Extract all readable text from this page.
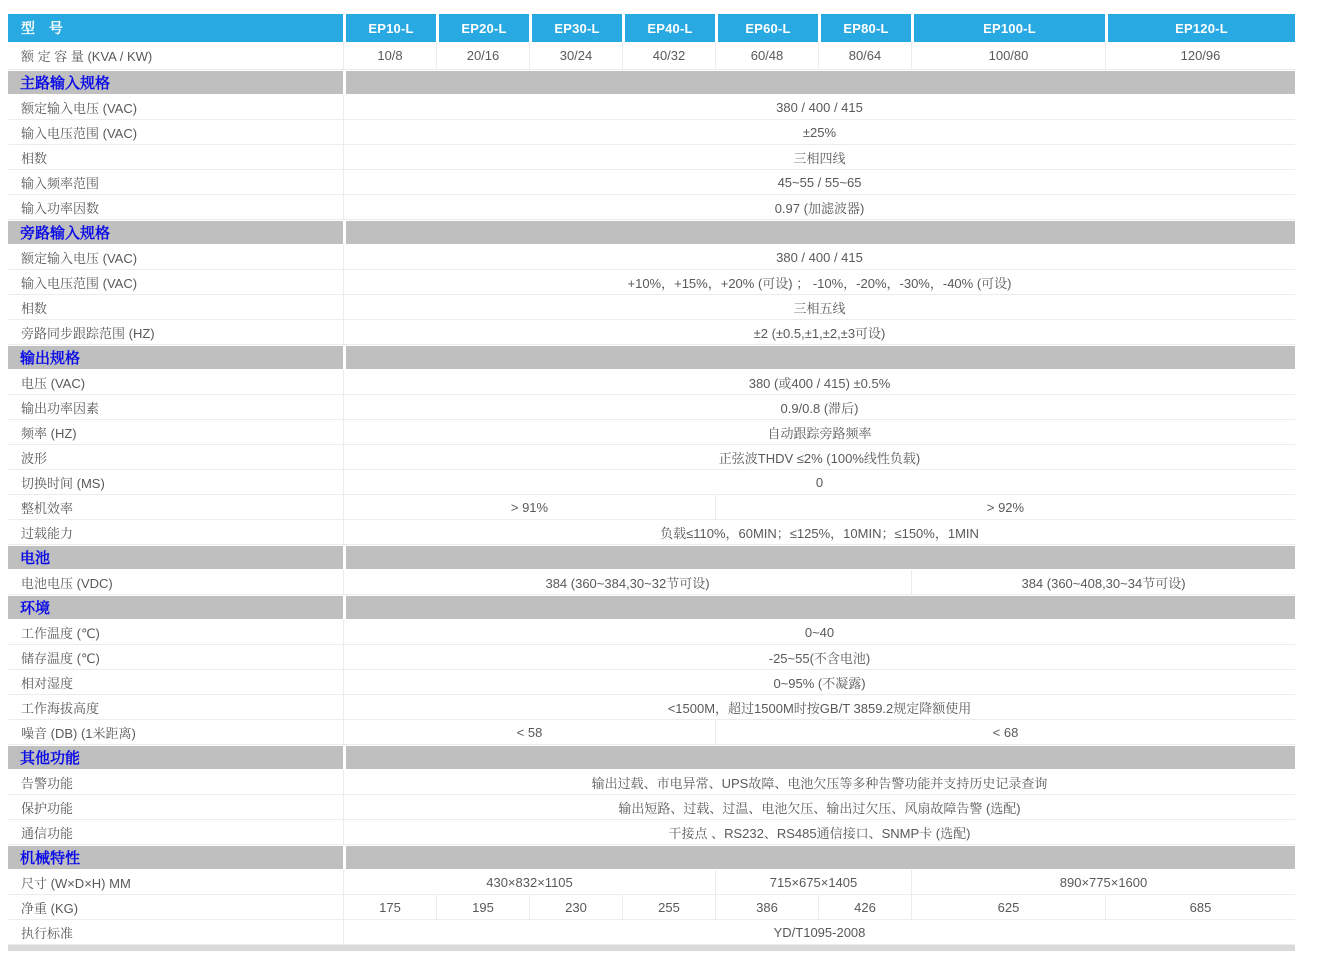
型 号	EP10-L	EP20-L	EP30-L	EP40-L	EP60-L	EP80-L	EP100-L	EP120-L
额 定 容 量 (KVA / KW)	10/8	20/16	30/24	40/32	60/48	80/64	100/80	120/96
主路输入规格
额定输入电压 (VAC)	380 / 400 / 415
输入电压范围 (VAC)	±25%
相数	三相四线
输入频率范围	45~55 / 55~65
输入功率因数	0.97 (加滤波器)
旁路输入规格
额定输入电压 (VAC)	380 / 400 / 415
输入电压范围 (VAC)	+10%，+15%，+20% (可设) ； -10%，-20%，-30%，-40% (可设)
相数	三相五线
旁路同步跟踪范围 (HZ)	±2 (±0.5,±1,±2,±3可设)
输出规格
电压 (VAC)	380 (或400 / 415) ±0.5%
输出功率因素	0.9/0.8 (滞后)
频率 (HZ)	自动跟踪旁路频率
波形	正弦波THDV ≤2% (100%线性负载)
切换时间 (MS)	0
整机效率	> 91%	> 92%
过载能力	负载≤110%，60MIN；≤125%，10MIN；≤150%，1MIN
电池
电池电压 (VDC)	384 (360~384,30~32节可设)	384 (360~408,30~34节可设)
环境
工作温度 (℃)	0~40
储存温度 (℃)	-25~55(不含电池)
相对湿度	0~95% (不凝露)
工作海拔高度	<1500M，超过1500M时按GB/T 3859.2规定降额使用
噪音 (DB) (1米距离)	< 58	< 68
其他功能
告警功能	输出过载、市电异常、UPS故障、电池欠压等多种告警功能并支持历史记录查询
保护功能	输出短路、过载、过温、电池欠压、输出过欠压、风扇故障告警 (选配)
通信功能	干接点 、RS232、RS485通信接口、SNMP卡 (选配)
机械特性
尺寸 (W×D×H) MM	430×832×1105	715×675×1405	890×775×1600
净重 (KG)	175	195	230	255	386	426	625	685
执行标准	YD/T1095-2008
